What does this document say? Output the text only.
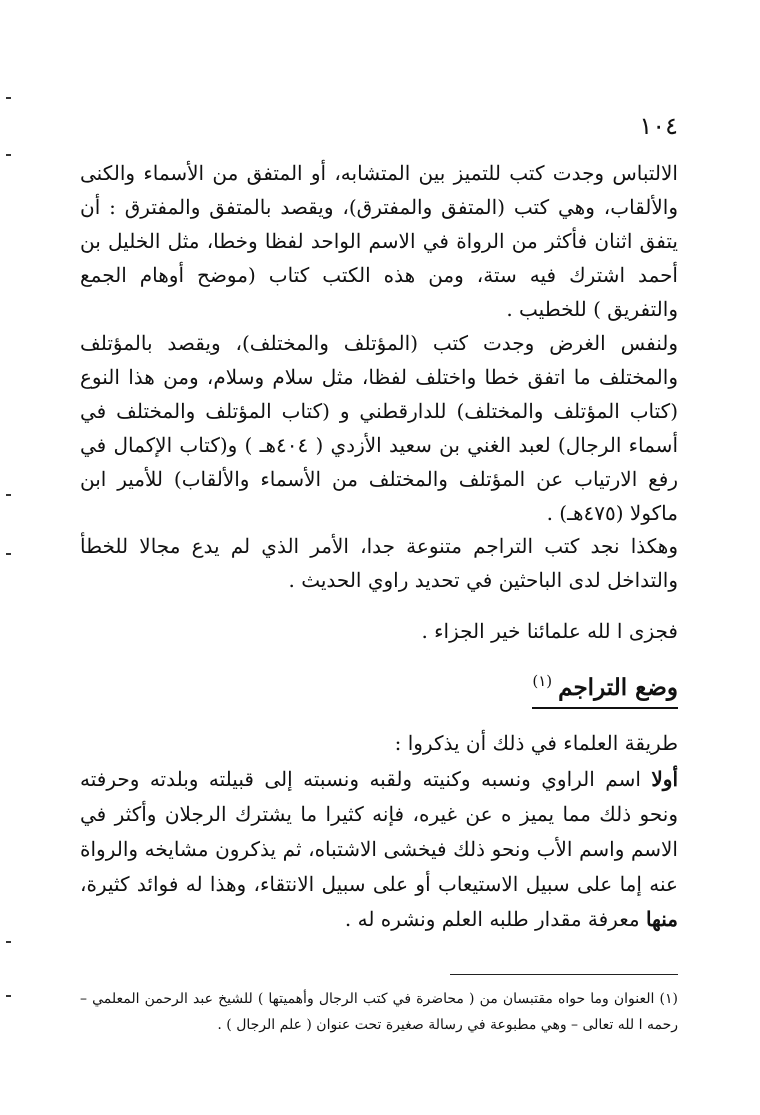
١٠٤

الالتباس وجدت كتب للتميز بين المتشابه، أو المتفق من الأسماء والكنى والألقاب، وهي كتب (المتفق والمفترق)، ويقصد بالمتفق والمفترق : أن يتفق اثنان فأكثر من الرواة في الاسم الواحد لفظا وخطا، مثل الخليل بن أحمد اشترك فيه ستة، ومن هذه الكتب كتاب (موضح أوهام الجمع والتفريق ) للخطيب .

ولنفس الغرض وجدت كتب (المؤتلف والمختلف)، ويقصد بالمؤتلف والمختلف ما اتفق خطا واختلف لفظا، مثل سلام وسلام، ومن هذا النوع (كتاب المؤتلف والمختلف) للدارقطني و (كتاب المؤتلف والمختلف في أسماء الرجال) لعبد الغني بن سعيد الأزدي ( ٤٠٤هـ ) و(كتاب الإكمال في رفع الارتياب عن المؤتلف والمختلف من الأسماء والألقاب) للأمير ابن ماكولا (٤٧٥هـ) .

وهكذا نجد كتب التراجم متنوعة جدا، الأمر الذي لم يدع مجالا للخطأ والتداخل لدى الباحثين في تحديد راوي الحديث .

فجزى ا لله علمائنا خير الجزاء .

وضع التراجم
(١)

طريقة العلماء في ذلك أن يذكروا :

أولا اسم الراوي ونسبه وكنيته ولقبه ونسبته إلى قبيلته وبلدته وحرفته ونحو ذلك مما يميز ه عن غيره، فإنه كثيرا ما يشترك الرجلان وأكثر في الاسم واسم الأب ونحو ذلك فيخشى الاشتباه، ثم يذكرون مشايخه والرواة عنه إما على سبيل الاستيعاب أو على سبيل الانتقاء، وهذا له فوائد كثيرة، منها معرفة مقدار طلبه العلم ونشره له .

(١) العنوان وما حواه مقتبسان من ( محاضرة في كتب الرجال وأهميتها ) للشيخ عبد الرحمن المعلمي – رحمه ا لله تعالى – وهي مطبوعة في رسالة صغيرة تحت عنوان ( علم الرجال ) .
